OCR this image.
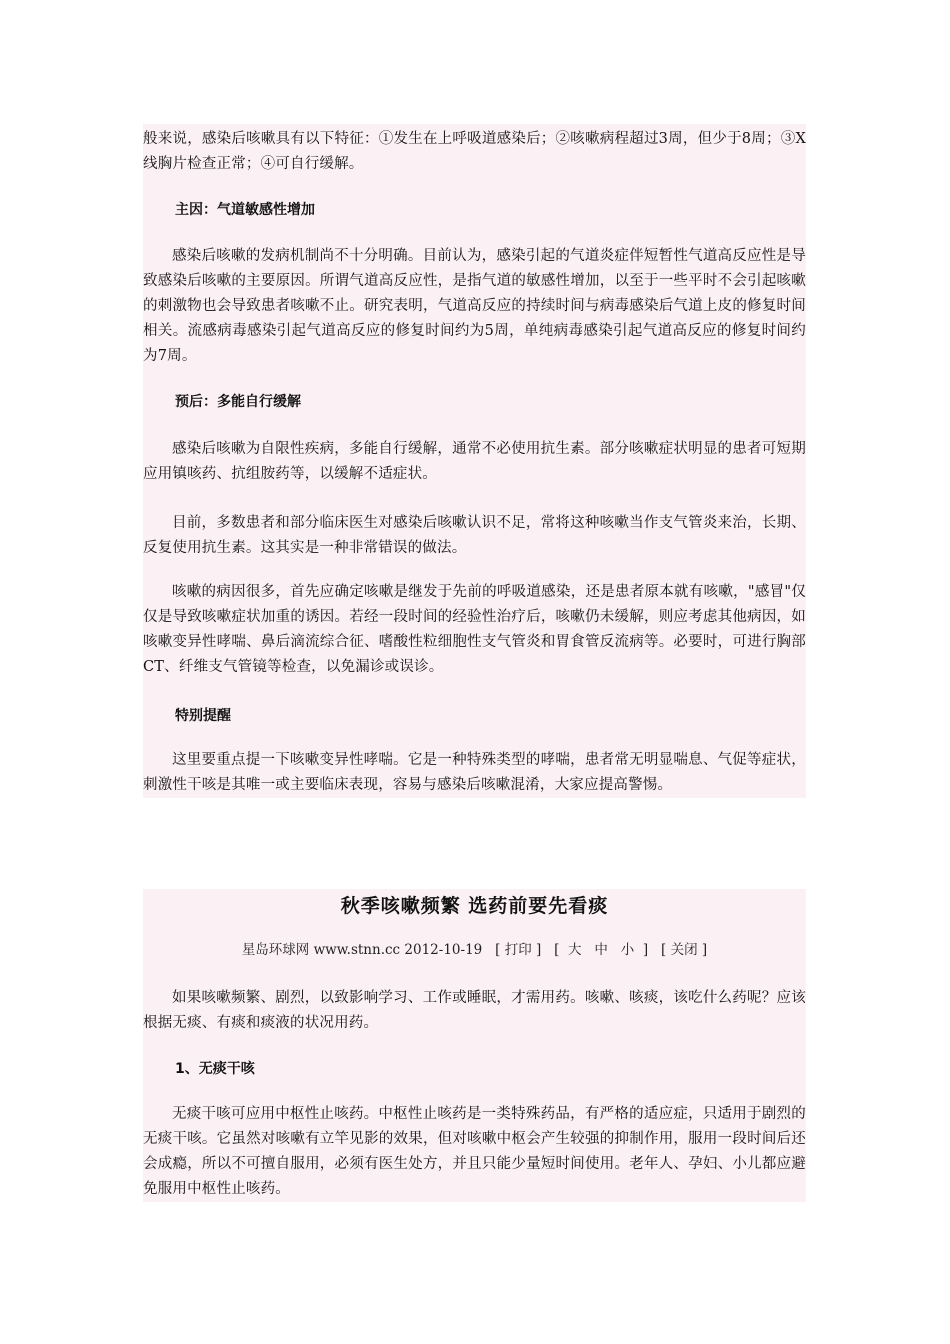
般来说，感染后咳嗽具有以下特征：①发生在上呼吸道感染后；②咳嗽病程超过3周，但少于8周；③X线胸片检查正常；④可自行缓解。

主因：气道敏感性增加

感染后咳嗽的发病机制尚不十分明确。目前认为，感染引起的气道炎症伴短暂性气道高反应性是导致感染后咳嗽的主要原因。所谓气道高反应性，是指气道的敏感性增加，以至于一些平时不会引起咳嗽的刺激物也会导致患者咳嗽不止。研究表明，气道高反应的持续时间与病毒感染后气道上皮的修复时间相关。流感病毒感染引起气道高反应的修复时间约为5周，单纯病毒感染引起气道高反应的修复时间约为7周。

预后：多能自行缓解

感染后咳嗽为自限性疾病，多能自行缓解，通常不必使用抗生素。部分咳嗽症状明显的患者可短期应用镇咳药、抗组胺药等，以缓解不适症状。

目前，多数患者和部分临床医生对感染后咳嗽认识不足，常将这种咳嗽当作支气管炎来治，长期、反复使用抗生素。这其实是一种非常错误的做法。

咳嗽的病因很多，首先应确定咳嗽是继发于先前的呼吸道感染，还是患者原本就有咳嗽，"感冒"仅仅是导致咳嗽症状加重的诱因。若经一段时间的经验性治疗后，咳嗽仍未缓解，则应考虑其他病因，如咳嗽变异性哮喘、鼻后滴流综合征、嗜酸性粒细胞性支气管炎和胃食管反流病等。必要时，可进行胸部CT、纤维支气管镜等检查，以免漏诊或误诊。

特别提醒

这里要重点提一下咳嗽变异性哮喘。它是一种特殊类型的哮喘，患者常无明显喘息、气促等症状，刺激性干咳是其唯一或主要临床表现，容易与感染后咳嗽混淆，大家应提高警惕。

秋季咳嗽频繁 选药前要先看痰
星岛环球网 www.stnn.cc 2012-10-19 [ 打印 ] [  大 中 小  ] [ 关闭 ]

如果咳嗽频繁、剧烈，以致影响学习、工作或睡眠，才需用药。咳嗽、咳痰，该吃什么药呢？应该根据无痰、有痰和痰液的状况用药。

1、无痰干咳

无痰干咳可应用中枢性止咳药。中枢性止咳药是一类特殊药品，有严格的适应症，只适用于剧烈的无痰干咳。它虽然对咳嗽有立竿见影的效果，但对咳嗽中枢会产生较强的抑制作用，服用一段时间后还会成瘾，所以不可擅自服用，必须有医生处方，并且只能少量短时间使用。老年人、孕妇、小儿都应避免服用中枢性止咳药。
